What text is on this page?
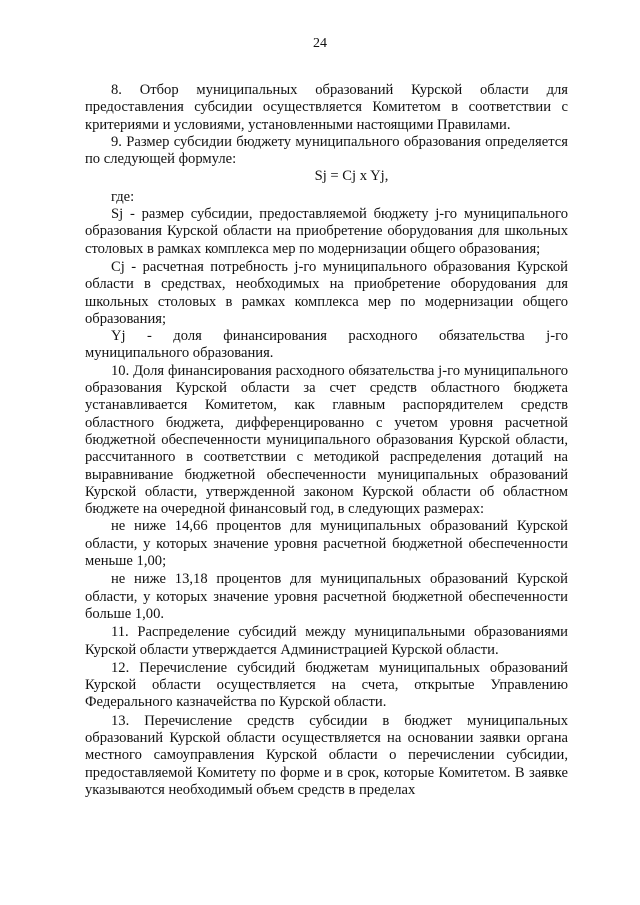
24

8. Отбор муниципальных образований Курской области для предоставления субсидии осуществляется Комитетом в соответствии с критериями и условиями, установленными настоящими Правилами.

9. Размер субсидии бюджету муниципального образования определяется по следующей формуле:

Sj = Cj x Yj,

где:

Sj - размер субсидии, предоставляемой бюджету j-го муниципального образования Курской области на приобретение оборудования для школьных столовых в рамках комплекса мер по модернизации общего образования;

Cj - расчетная потребность j-го муниципального образования Курской области в средствах, необходимых на приобретение оборудования для школьных столовых в рамках комплекса мер по модернизации общего образования;

Yj - доля финансирования расходного обязательства j-го муниципального образования.

10. Доля финансирования расходного обязательства j-го муниципального образования Курской области за счет средств областного бюджета устанавливается Комитетом, как главным распорядителем средств областного бюджета, дифференцированно с учетом уровня расчетной бюджетной обеспеченности муниципального образования Курской области, рассчитанного в соответствии с методикой распределения дотаций на выравнивание бюджетной обеспеченности муниципальных образований Курской области, утвержденной законом Курской области об областном бюджете на очередной финансовый год, в следующих размерах:

не ниже 14,66 процентов для муниципальных образований Курской области, у которых значение уровня расчетной бюджетной обеспеченности меньше 1,00;

не ниже 13,18 процентов для муниципальных образований Курской области, у которых значение уровня расчетной бюджетной обеспеченности больше 1,00.

11. Распределение субсидий между муниципальными образованиями Курской области утверждается Администрацией Курской области.

12. Перечисление субсидий бюджетам муниципальных образований Курской области осуществляется на счета, открытые Управлению Федерального казначейства по Курской области.

13. Перечисление средств субсидии в бюджет муниципальных образований Курской области осуществляется на основании заявки органа местного самоуправления Курской области о перечислении субсидии, предоставляемой Комитету по форме и в срок, которые Комитетом. В заявке указываются необходимый объем средств в пределах
